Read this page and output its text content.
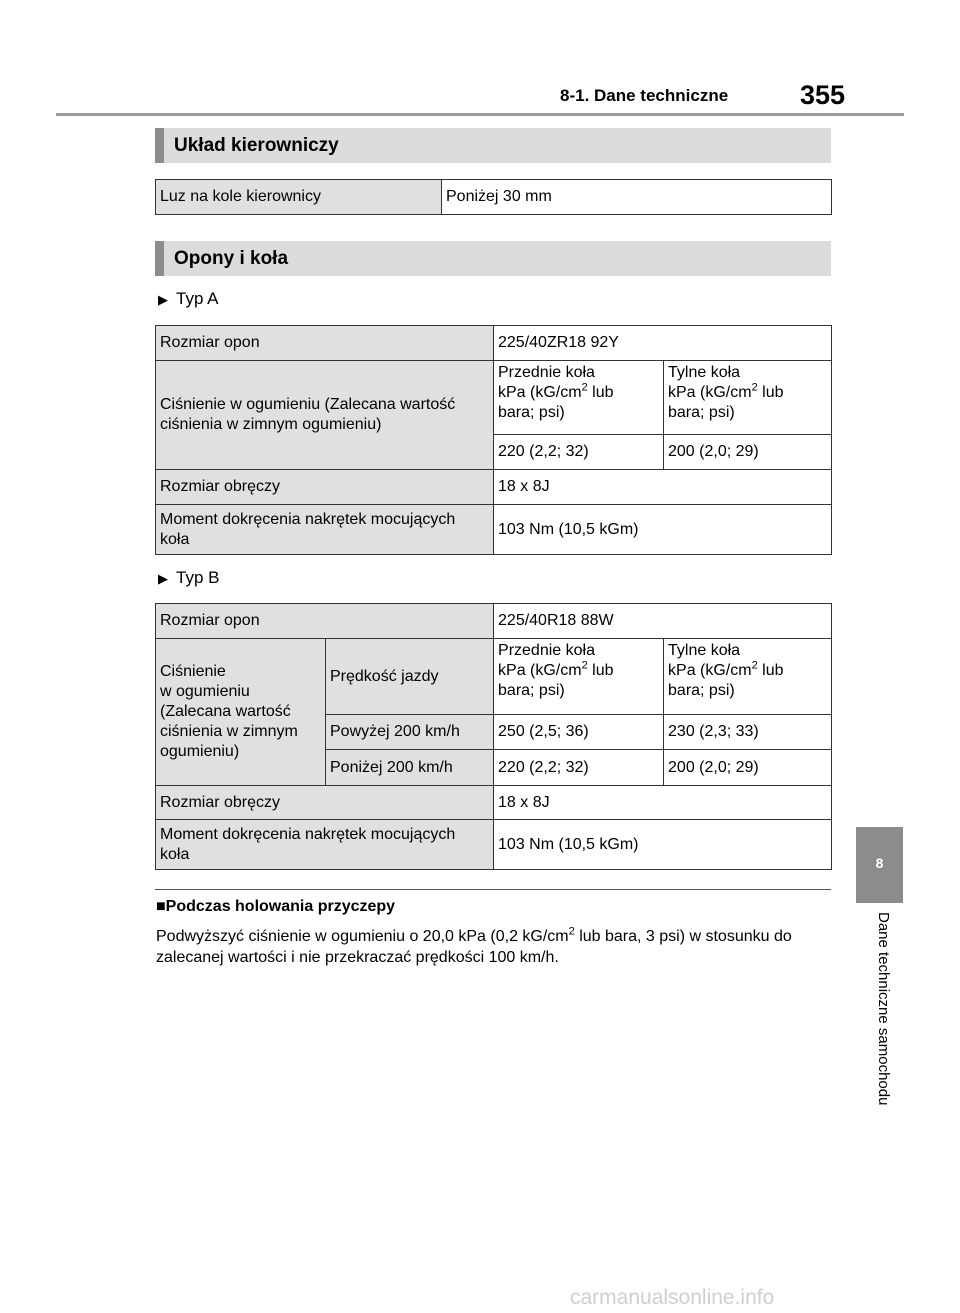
8-1. Dane techniczne	355
Układ kierowniczy
Luz na kole kierownicy	Poniżej 30 mm
Opony i koła
▶ Typ A
Rozmiar opon	225/40ZR18 92Y	
Ciśnienie w ogumieniu (Zalecana wartość ciśnienia w zimnym ogumieniu)	Przednie koła
kPa ($kG/cm^2$ lub
bara; psi)	Tylne koła
kPa ($kG/cm^2$ lub
bara; psi)
	220 (2,2; 32)	200 (2,0; 29)
Rozmiar obręczy	18 x 8J	
Moment dokręcenia nakrętek mocujących koła	103 Nm (10,5 kGm)	
▶ Typ B
Rozmiar opon		225/40R18 88W	
Ciśnienie
w ogumieniu
(Zalecana wartość
ciśnienia w zimnym
ogumieniu)	Prędkość jazdy	Przednie koła
kPa ($kG/cm^2$ lub
bara; psi)	Tylne koła
kPa ($kG/cm^2$ lub
bara; psi)
	Powyżej 200 km/h	250 (2,5; 36)	230 (2,3; 33)
	Poniżej 200 km/h	220 (2,2; 32)	200 (2,0; 29)
Rozmiar obręczy		18 x 8J	
Moment dokręcenia nakrętek mocujących koła		103 Nm (10,5 kGm)	
■Podczas holowania przyczepy
Podwyższyć ciśnienie w ogumieniu o 20,0 kPa (0,2 $kG/cm^2$ lub bara, 3 psi) w stosunku do zalecanej wartości i nie przekraczać prędkości 100 km/h.
8
Dane techniczne samochodu
carmanualsonline.info
